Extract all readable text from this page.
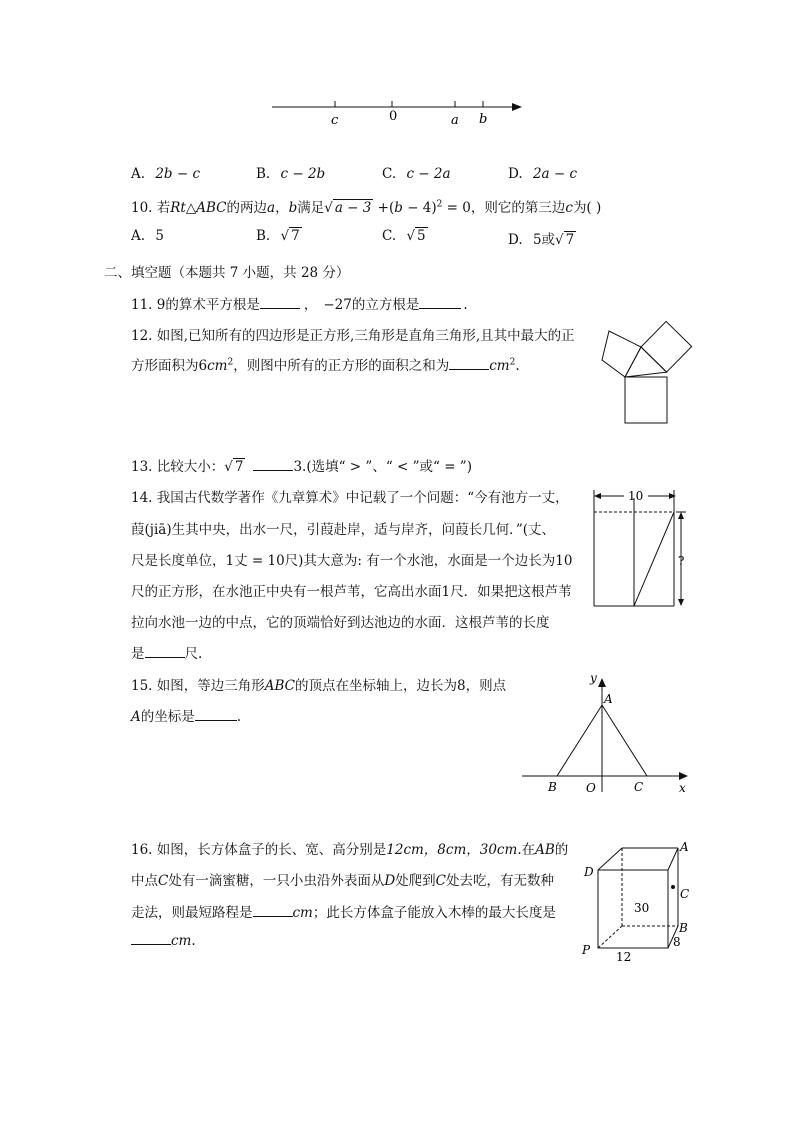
c	0	a b
A. 2b − c	B. c − 2b	C. c − 2a	D. 2a − c
10. 若Rt△ABC的两边a，b满足√ $a - 3 +(b - 4)^2 = 0$，则它的第三边c为( )
A. 5	B. √ 7	C. √ 5	D. 5或√ 7
二、填空题（本题共 7 小题，共 28 分）
11. 9的算术平方根是	， −27的立方根是	.
12. 如图,已知所有的四边形是正方形,三角形是直角三角形,且其中最大的正
方形面积为$6cm^2$，则图中所有的正方形的面积之和为	$cm^2$.
13. 比较大小：√ 7	3.(选填“ > ”、“ < ”或“ = ”)
14. 我国古代数学著作《九章算术》中记载了一个问题：“今有池方一丈，
葭(jiā)生其中央，出水一尺，引葭赴岸，适与岸齐，问葭长几何．”(丈、
尺是长度单位，1丈 = 10尺)其大意为: 有一个水池，水面是一个边长为10
尺的正方形，在水池正中央有一根芦苇，它高出水面1尺．如果把这根芦苇
拉向水池一边的中点，它的顶端恰好到达池边的水面．这根芦苇的长度
是	尺.
10
?
15. 如图，等边三角形ABC的顶点在坐标轴上，边长为8，则点
A的坐标是	.
y
A
B O	C	x
16. 如图，长方体盒子的长、宽、高分别是12cm，8cm，30cm.在AB的
中点C处有一滴蜜糖，一只小虫沿外表面从D处爬到C处去吃，有无数种
走法，则最短路程是	cm；此长方体盒子能放入木棒的最大长度是
cm.
A
D
C
30
B
8
P 12
